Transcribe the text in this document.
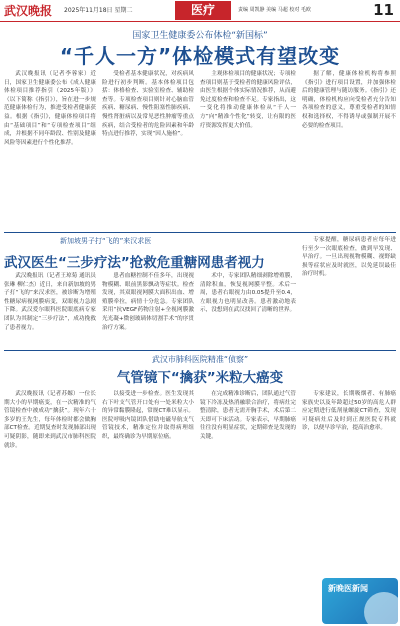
武汉晚报 2025年11月18日 星期二	医疗	责编 周凯静 美编 马超 校对 毛欧	11
国家卫生健康委公布体检“新国标”
“千人一方”体检模式有望改变

武汉晚报讯（记者李蓉家）近日，国家卫生健康委公布《成人健康体检项目推荐指引（2025年版）》（以下简称《指引》），旨在进一步规范健康体检行为，推进受检者健康获益。根据《指引》，健康体检项目将由“基础项目”和“专项检查项目”组成，并根据不同年龄段、性别及健康风险等因素进行个性化推荐。

受检者基本健康状况，对疾病风险进行初步判断。基本体检项目包括：体格检查、实验室检查、辅助检查等。专项检查项目则针对心脑血管疾病、糖尿病、慢性阻塞性肺疾病、慢性肾脏病以及常见恶性肿瘤等重点疾病，结合受检者的危险因素和年龄特点进行推荐，实现“因人施检”。

主观体检项目的健康状况；专项检查项目则基于受检者的健康风险评估，由医生根据个体实际情况推荐，从而避免过度检查和检查不足。专家指出，这一变化将推动健康体检从“千人一方”向“精准个性化”转变，让有限的医疗资源发挥更大价值。

据了解，健康体检机构将参照《指引》进行项目设置，并加强体检后的健康管理与随访服务。《指引》还明确，体检机构应向受检者充分告知各项检查的意义，尊重受检者的知情权和选择权，不得诱导或强制开展不必要的检查项目。

新加坡男子打“飞的”来汉求医
武汉医生“三步疗法”抢救危重糖网患者视力

武汉晚报讯（记者王琼菊 通讯员张琳 柳仁杰）近日，来自新加坡的男子打“飞的”来汉求医，被诊断为增殖性糖尿病视网膜病变，双眼视力急剧下降。武汉爱尔眼科医院眼底病专家团队为其制定“三步疗法”，成功挽救了患者视力。

患者血糖控制不佳多年，出现视物模糊、眼前黑影飘动等症状。检查发现，其双眼视网膜大面积出血、增殖膜牵拉，病情十分危急。专家团队采用“抗VEGF药物注射+全视网膜激光光凝+微创玻璃体切割手术”的序贯治疗方案。

术中，专家团队精细剥除增殖膜，清除积血，恢复视网膜平整。术后一周，患者右眼视力由0.05提升至0.4，左眼视力也明显改善。患者激动地表示，没想到在武汉找回了清晰的世界。

专家提醒，糖尿病患者应每年进行至少一次眼底检查，做到早发现、早治疗。一旦出现视物模糊、视野缺损等症状应及时就医，以免延误最佳治疗时机。

武汉市肺科医院精准“侦察”
气管镜下“擒获”米粒大癌变

武汉晚报讯（记者苏嫄）一位长期大小的早期癌变，在一次精准的气管镜检查中被成功“擒获”。现年六十多岁的王先生，每年体检时都会做胸部CT检查。近期复查时发现肺部出现可疑阴影，随即来到武汉市肺科医院就诊。

以接受进一步检查。医生发现其右下叶支气管开口处有一处米粒大小的异常黏膜隆起，常规CT难以显示。医院呼吸内镜团队借助电磁导航支气管镜技术，精准定位并取得病理组织，最终确诊为早期原位癌。

在完成精准诊断后，团队通过气管镜下冷冻及热消融联合治疗，将病灶完整清除，患者无需开胸手术，术后第二天即可下床活动。专家表示，早期肺癌往往没有明显症状，定期筛查是发现的关键。

专家建议，长期吸烟者、有肺癌家族史以及年龄超过50岁的高危人群应定期进行低剂量螺旋CT筛查，发现可疑病灶后及时到正规医院专科就诊，以便早诊早治，提高治愈率。

新晚医新闻
